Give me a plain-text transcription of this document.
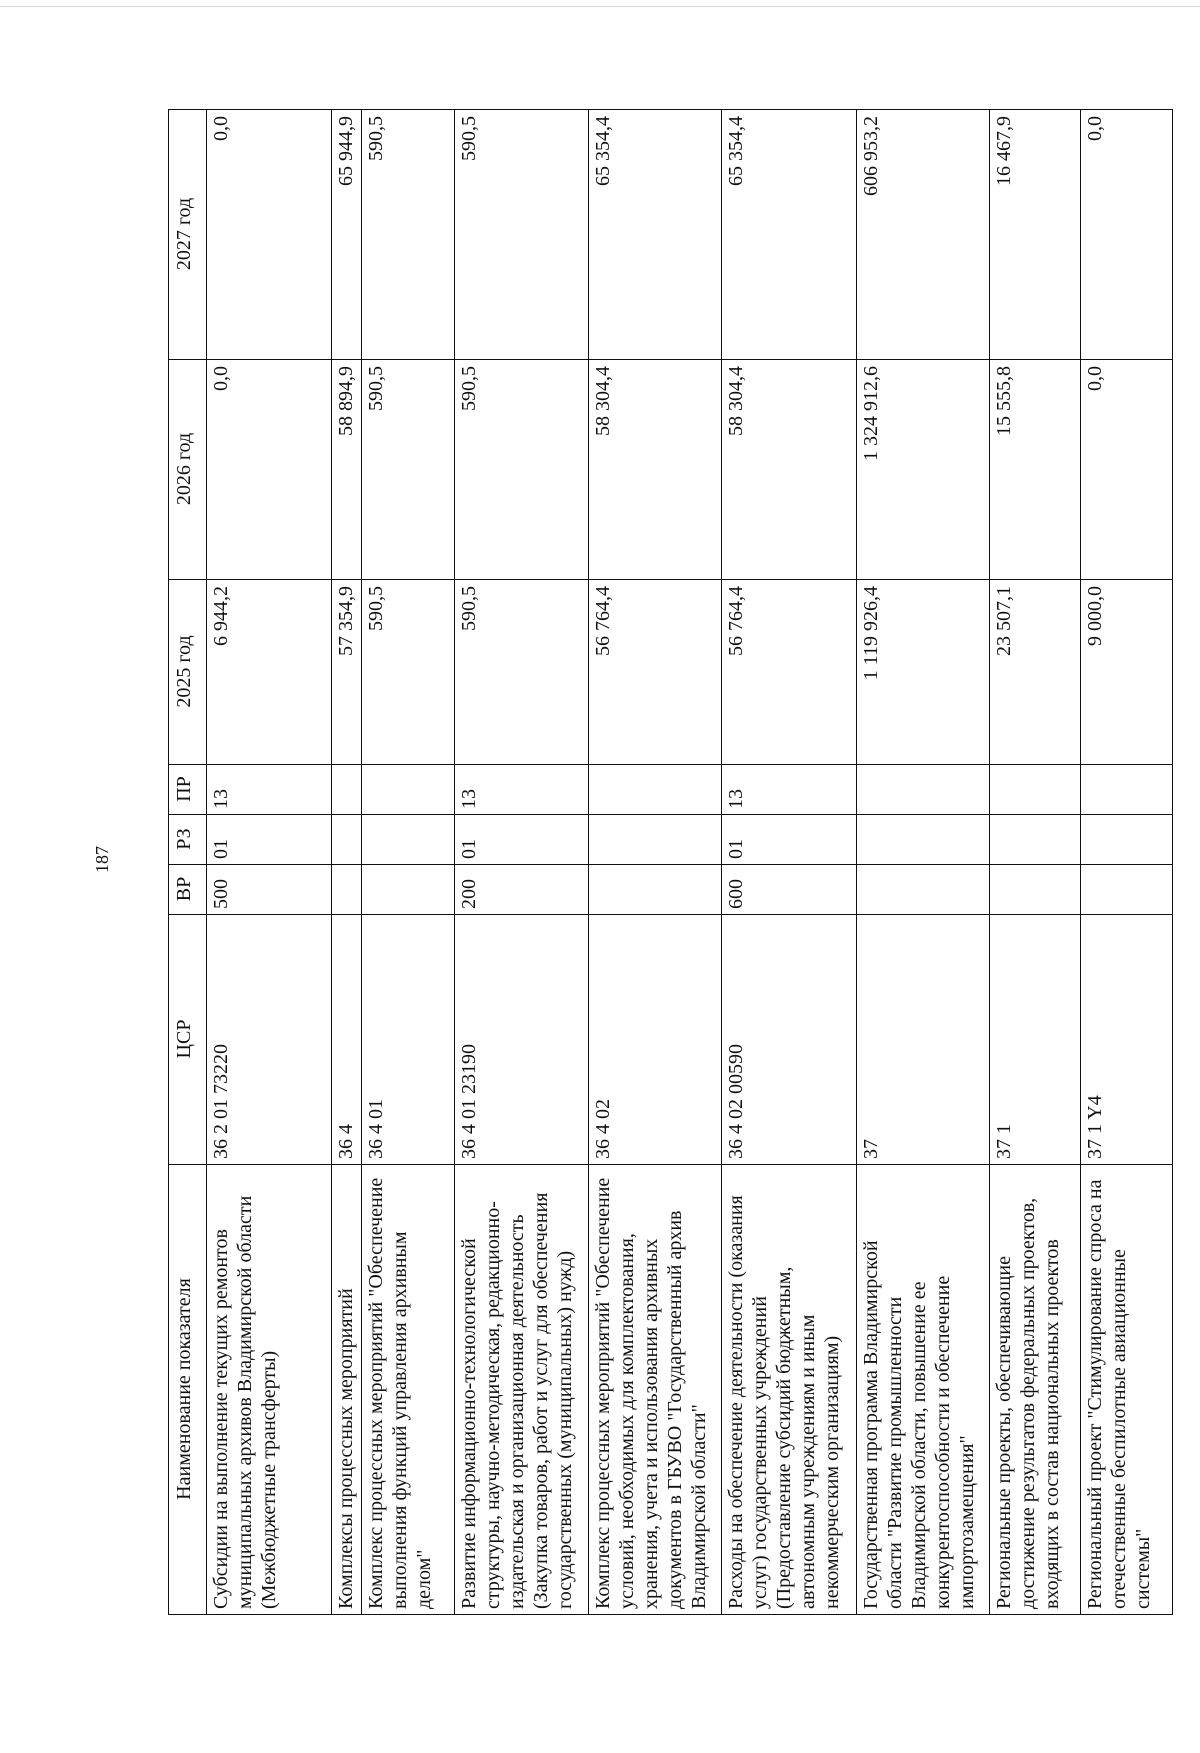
187
Наименование показателя	ЦСР	ВР	РЗ	ПР	2025 год	2026 год	2027 год
Субсидии на выполнение текущих ремонтов муниципальных архивов Владимирской области (Межбюджетные трансферты)	36 2 01 73220	500	01	13	6 944,2	0,0	0,0
Комплексы процессных мероприятий	36 4				57 354,9	58 894,9	65 944,9
Комплекс процессных мероприятий "Обеспечение выполнения функций управления архивным делом"	36 4 01				590,5	590,5	590,5
Развитие информационно-технологической структуры, научно-методическая, редакционно-издательская и организационная деятельность (Закупка товаров, работ и услуг для обеспечения государственных (муниципальных) нужд)	36 4 01 23190	200	01	13	590,5	590,5	590,5
Комплекс процессных мероприятий "Обеспечение условий, необходимых для комплектования, хранения, учета и использования архивных документов в ГБУВО "Государственный архив Владимирской области"	36 4 02				56 764,4	58 304,4	65 354,4
Расходы на обеспечение деятельности (оказания услуг) государственных учреждений (Предоставление субсидий бюджетным, автономным учреждениям и иным некоммерческим организациям)	36 4 02 00590	600	01	13	56 764,4	58 304,4	65 354,4
Государственная программа Владимирской области "Развитие промышленности Владимирской области, повышение ее конкурентоспособности и обеспечение импортозамещения"	37				1 119 926,4	1 324 912,6	606 953,2
Региональные проекты, обеспечивающие достижение результатов федеральных проектов, входящих в состав национальных проектов	37 1				23 507,1	15 555,8	16 467,9
Региональный проект "Стимулирование спроса на отечественные беспилотные авиационные системы"	37 1 Y4				9 000,0	0,0	0,0
